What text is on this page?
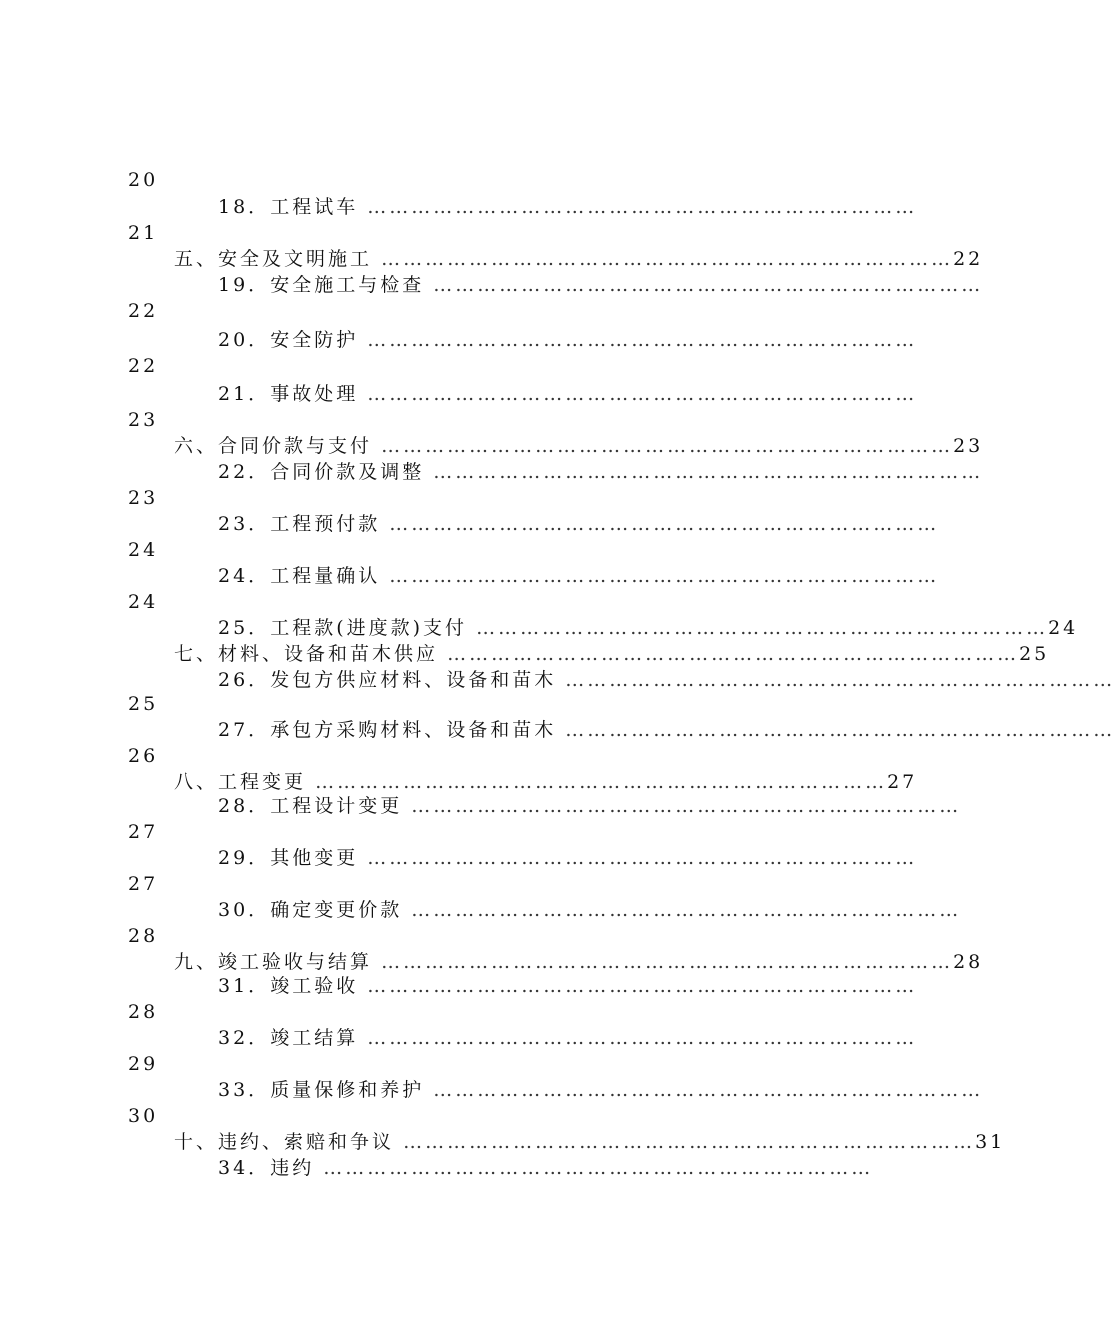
20
18．工程试车 …………………………………………………………………
21
五、安全及文明施工 ……………………………………………………………………22
19．安全施工与检查 …………………………………………………………………
22
20．安全防护 …………………………………………………………………
22
21．事故处理 …………………………………………………………………
23
六、合同价款与支付 ……………………………………………………………………23
22．合同价款及调整 …………………………………………………………………
23
23．工程预付款 …………………………………………………………………
24
24．工程量确认 …………………………………………………………………
24
25．工程款(进度款)支付 ……………………………………………………………………24
七、材料、设备和苗木供应 ……………………………………………………………………25
26．发包方供应材料、设备和苗木 …………………………………………………………………
25
27．承包方采购材料、设备和苗木 …………………………………………………………………
26
八、工程变更 ……………………………………………………………………27
28．工程设计变更 …………………………………………………………………
27
29．其他变更 …………………………………………………………………
27
30．确定变更价款 …………………………………………………………………
28
九、竣工验收与结算 ……………………………………………………………………28
31．竣工验收 …………………………………………………………………
28
32．竣工结算 …………………………………………………………………
29
33．质量保修和养护 …………………………………………………………………
30
十、违约、索赔和争议 ……………………………………………………………………31
34．违约 …………………………………………………………………
